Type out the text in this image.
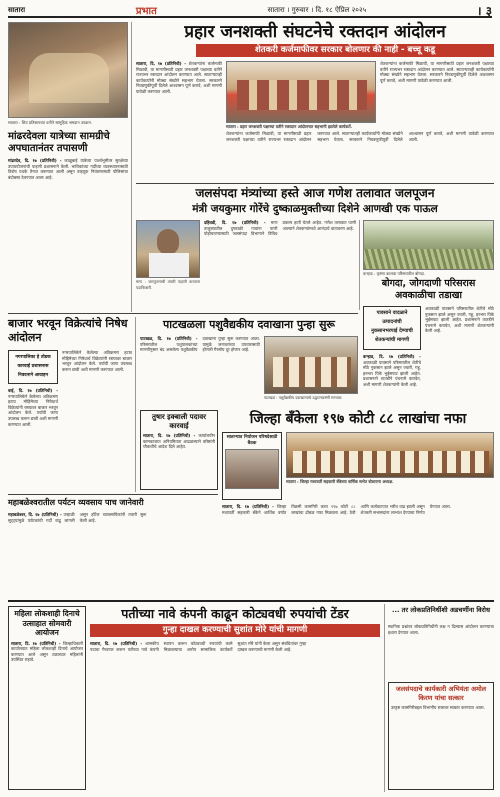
सातारा	प्रभात	सातारा । गुरुवार । दि. १८ ऐप्रिल २०२५	। ३
सातारा : शिव प्रतिष्ठानच्या वतीने सामूहिक श्रमदान उपक्रम.
मांढरदेवला यात्रेच्या सामग्रीचे अपघातानंतर तपासणी
मांढरदेव, दि. १७ (प्रतिनिधी) - काळूबाई यात्रेच्या पार्श्वभूमीवर सुरक्षेच्या उपाययोजनांची पाहणी प्रशासनाने केली. भाविकांच्या गर्दीच्या व्यवस्थापनासाठी विशेष पथके तैनात करण्यात आली असून वाहतूक नियंत्रणासाठी पोलिसांचा बंदोबस्त ठेवण्यात आला आहे.
प्रहार जनशक्ती संघटनेचे रक्तदान आंदोलन
शेतकरी कर्जमाफीवर सरकार बोलणार की नाही - बच्चू कडू
सातारा, दि. १७ (प्रतिनिधी) - शेतकऱ्यांना कर्जमाफी मिळावी, या मागणीसाठी प्रहार जनशक्ती पक्षाच्या वतीने राज्यभर रक्तदान आंदोलन करण्यात आले. साताऱ्यातही कार्यकर्त्यांनी मोठ्या संख्येने सहभाग घेतला. सरकारने निवडणुकीपूर्वी दिलेले आश्वासन पूर्ण करावे, अशी मागणी यावेळी करण्यात आली.
सातारा : प्रहार जनशक्ती पक्षाच्या वतीने रक्तदान आंदोलनात सहभागी झालेले कार्यकर्ते.
शेतकऱ्यांना कर्जमाफी मिळावी, या मागणीसाठी प्रहार जनशक्ती पक्षाच्या वतीने राज्यभर रक्तदान आंदोलन करण्यात आले. साताऱ्यातही कार्यकर्त्यांनी मोठ्या संख्येने सहभाग घेतला. सरकारने निवडणुकीपूर्वी दिलेले आश्वासन पूर्ण करावे, अशी मागणी यावेळी करण्यात आली.
शेतकऱ्यांना कर्जमाफी मिळावी, या मागणीसाठी प्रहार जनशक्ती पक्षाच्या वतीने राज्यभर रक्तदान आंदोलन करण्यात आले. साताऱ्यातही कार्यकर्त्यांनी मोठ्या संख्येने सहभाग घेतला. सरकारने निवडणुकीपूर्वी दिलेले आश्वासन पूर्ण करावे, अशी मागणी यावेळी करण्यात आली.
जलसंपदा मंत्र्यांच्या हस्ते आज गणेश तलावात जलपूजन
मंत्री जयकुमार गोरेंचे दुष्काळमुक्तीच्या दिशेने आणखी एक पाऊल
माण : जलपूजनाची तयारी पाहणी करताना पदाधिकारी.
दहिवडी, दि. १७ (प्रतिनिधी) - माण तालुक्यातील दुष्काळी गावांना पाणी पोहोचवण्यासाठी जलसंपदा विभागाने विविध प्रकल्प हाती घेतले आहेत. गणेश तलावात पाणी आल्याने शेतकऱ्यांमध्ये आनंदाचे वातावरण आहे.
कऱ्हाड : कृष्णा कालवा परिसरातील बोगदा.
बोगदा, जोगदाणी परिसरास अवकाळीचा तडाखा
पावसाने वादळाने
उत्पादनांची
नुकसानभरपाई देण्याची
शेतकऱ्यांची मागणी
कऱ्हाड, दि. १७ (प्रतिनिधी) - अवकाळी पावसाने परिसरातील शेतीचे मोठे नुकसान झाले असून ज्वारी, गहू, हरभरा पिके भुईसपाट झाली आहेत. प्रशासनाने तातडीने पंचनामे करावेत, अशी मागणी शेतकऱ्यांनी केली आहे.
अवकाळी पावसाने परिसरातील शेतीचे मोठे नुकसान झाले असून ज्वारी, गहू, हरभरा पिके भुईसपाट झाली आहेत. प्रशासनाने तातडीने पंचनामे करावेत, अशी मागणी शेतकऱ्यांनी केली आहे.
बाजार भरवून विक्रेत्यांचे निषेध आंदोलन
नगरपालिका हे तोडक
कारवाई प्रशासनास
निवदनाने आवाहन
वाई, दि. १७ (प्रतिनिधी) - नगरपालिकेने केलेल्या अतिक्रमण हटाव मोहिमेच्या निषेधार्थ विक्रेत्यांनी रस्त्यावर बाजार भरवून आंदोलन केले. पर्यायी जागा उपलब्ध करून द्यावी अशी मागणी करण्यात आली.
नगरपालिकेने केलेल्या अतिक्रमण हटाव मोहिमेच्या निषेधार्थ विक्रेत्यांनी रस्त्यावर बाजार भरवून आंदोलन केले. पर्यायी जागा उपलब्ध करून द्यावी अशी मागणी करण्यात आली.
पाटखळला पशुवैद्यकीय दवाखाना पुन्हा सुरू
पाटखळ, दि. १७ (प्रतिनिधी) - परिसरातील पशुपालकांच्या मागणीनुसार बंद असलेला पशुवैद्यकीय दवाखाना पुन्हा सुरू करण्यात आला. यामुळे जनावरांच्या उपचारासाठी होणारी गैरसोय दूर होणार आहे.
पाटखळ : पशुवैद्यकीय दवाखान्याचे उद्घाटनप्रसंगी मान्यवर.
तुषार इक्बाली पदावर कारवाई
सातारा, दि. १७ (प्रतिनिधी) - कार्यालयीन कामकाजात अनियमितता आढळल्याने वरिष्ठांनी चौकशीचे आदेश दिले आहेत.
जिल्हा बँकेला १९७ कोटी ८८ लाखांचा नफा
साताऱ्यात नियोजन परिषदेसाठी बैठक
सातारा : जिल्हा मध्यवर्ती सहकारी बँकेच्या वार्षिक सभेत बोलताना अध्यक्ष.
सातारा, दि. १७ (प्रतिनिधी) - जिल्हा मध्यवर्ती सहकारी बँकेने आर्थिक वर्षात विक्रमी कामगिरी करत १९७ कोटी ८८ लाखांचा ढोबळ नफा मिळवला आहे. ठेवी आणि कर्जवाटपात भरीव वाढ झाली असून शेतकरी सभासदांना लाभांश देण्याचा निर्णय घेण्यात आला.
महाबळेश्वरातील पर्यटन व्यवसाय पाच जानेवारी
महाबळेश्वर, दि. १७ (प्रतिनिधी) - उन्हाळी सुट्ट्यांमुळे पर्यटकांची गर्दी वाढू लागली असून हॉटेल व्यावसायिकांनी तयारी सुरू केली आहे.
महिला लोकशाही दिनाचे उत्साहात सोमवारी आयोजन
सातारा, दि. १७ (प्रतिनिधी) - जिल्हाधिकारी कार्यालयात महिला लोकशाही दिनाचे आयोजन करण्यात आले असून तक्रारदार महिलांनी उपस्थित राहावे.
पतीच्या नावे कंपनी काढून कोट्यवधी रुपयांची टेंडर
गुन्हा दाखल करण्याची सुशांत मोरे यांची मागणी
सातारा, दि. १७ (प्रतिनिधी) - शासकीय पदाचा गैरवापर करून पतीच्या नावे कंपनी स्थापन करून कोट्यवधी रुपयांची कामे मिळवल्याचा आरोप सामाजिक कार्यकर्ते सुशांत मोरे यांनी केला असून संबंधितांवर गुन्हा दाखल करण्याची मागणी केली आहे.
... तर लोकप्रतिनिधींशी अडचणींना विरोध
स्थानिक प्रश्नांवर लोकप्रतिनिधींनी लक्ष न दिल्यास आंदोलन करण्याचा इशारा देण्यात आला.
जलसंपदाचे कार्यकारी अभियंता अमोल किरण यांचा सत्कार
उत्कृष्ट कामगिरीबद्दल विभागीय स्तरावर सत्कार करण्यात आला.
